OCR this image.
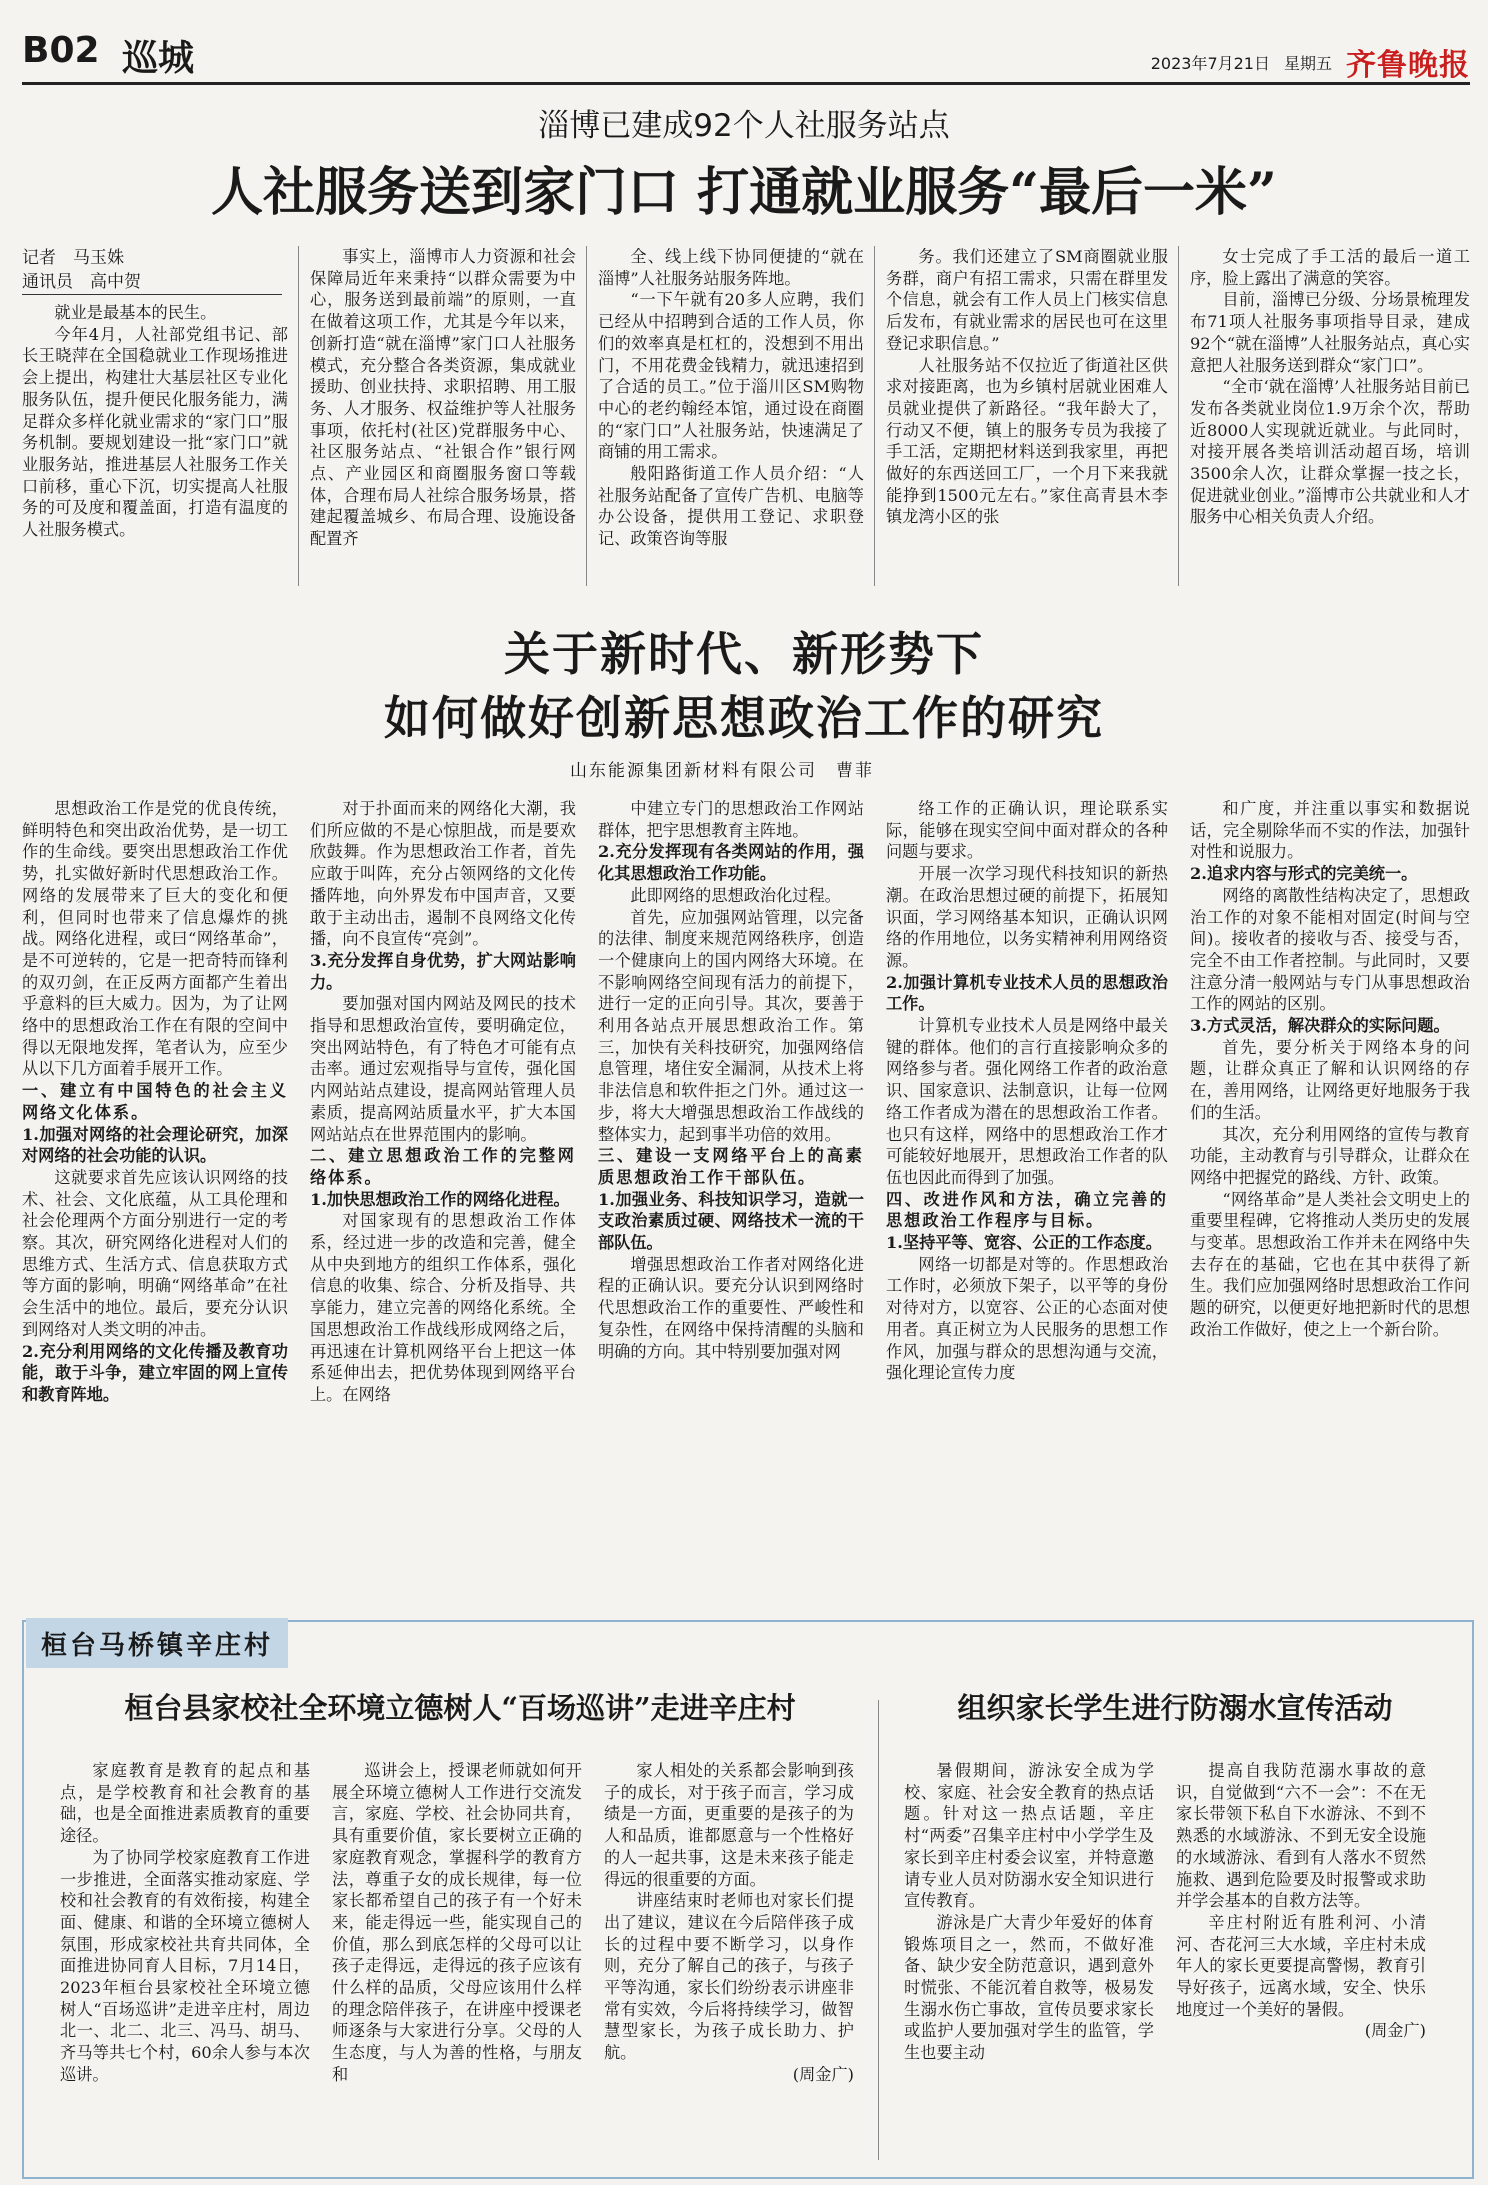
B02 巡城	2023年7月21日 星期五 齐鲁晚报
淄博已建成92个人社服务站点
人社服务送到家门口 打通就业服务“最后一米”
记者　马玉姝
通讯员　高中贺

就业是最基本的民生。

今年4月，人社部党组书记、部长王晓萍在全国稳就业工作现场推进会上提出，构建壮大基层社区专业化服务队伍，提升便民化服务能力，满足群众多样化就业需求的“家门口”服务机制。要规划建设一批“家门口”就业服务站，推进基层人社服务工作关口前移，重心下沉，切实提高人社服务的可及度和覆盖面，打造有温度的人社服务模式。

事实上，淄博市人力资源和社会保障局近年来秉持“以群众需要为中心，服务送到最前端”的原则，一直在做着这项工作，尤其是今年以来，创新打造“就在淄博”家门口人社服务模式，充分整合各类资源，集成就业援助、创业扶持、求职招聘、用工服务、人才服务、权益维护等人社服务事项，依托村(社区)党群服务中心、社区服务站点、“社银合作”银行网点、产业园区和商圈服务窗口等载体，合理布局人社综合服务场景，搭建起覆盖城乡、布局合理、设施设备配置齐

全、线上线下协同便捷的“就在淄博”人社服务站服务阵地。

“一下午就有20多人应聘，我们已经从中招聘到合适的工作人员，你们的效率真是杠杠的，没想到不用出门，不用花费金钱精力，就迅速招到了合适的员工。”位于淄川区SM购物中心的老约翰经本馆，通过设在商圈的“家门口”人社服务站，快速满足了商铺的用工需求。

般阳路街道工作人员介绍：“人社服务站配备了宣传广告机、电脑等办公设备，提供用工登记、求职登记、政策咨询等服

务。我们还建立了SM商圈就业服务群，商户有招工需求，只需在群里发个信息，就会有工作人员上门核实信息后发布，有就业需求的居民也可在这里登记求职信息。”

人社服务站不仅拉近了街道社区供求对接距离，也为乡镇村居就业困难人员就业提供了新路径。“我年龄大了，行动又不便，镇上的服务专员为我接了手工活，定期把材料送到我家里，再把做好的东西送回工厂，一个月下来我就能挣到1500元左右。”家住高青县木李镇龙湾小区的张

女士完成了手工活的最后一道工序，脸上露出了满意的笑容。

目前，淄博已分级、分场景梳理发布71项人社服务事项指导目录，建成92个“就在淄博”人社服务站点，真心实意把人社服务送到群众“家门口”。

“全市‘就在淄博’人社服务站目前已发布各类就业岗位1.9万余个次，帮助近8000人实现就近就业。与此同时，对接开展各类培训活动超百场，培训3500余人次，让群众掌握一技之长，促进就业创业。”淄博市公共就业和人才服务中心相关负责人介绍。

关于新时代、新形势下
如何做好创新思想政治工作的研究
山东能源集团新材料有限公司　曹菲

思想政治工作是党的优良传统，鲜明特色和突出政治优势，是一切工作的生命线。要突出思想政治工作优势，扎实做好新时代思想政治工作。网络的发展带来了巨大的变化和便利，但同时也带来了信息爆炸的挑战。网络化进程，或曰“网络革命”，是不可逆转的，它是一把奇特而锋利的双刃剑，在正反两方面都产生着出乎意料的巨大威力。因为，为了让网络中的思想政治工作在有限的空间中得以无限地发挥，笔者认为，应至少从以下几方面着手展开工作。

一、建立有中国特色的社会主义网络文化体系。

1.加强对网络的社会理论研究，加深对网络的社会功能的认识。

这就要求首先应该认识网络的技术、社会、文化底蕴，从工具伦理和社会伦理两个方面分别进行一定的考察。其次，研究网络化进程对人们的思维方式、生活方式、信息获取方式等方面的影响，明确“网络革命”在社会生活中的地位。最后，要充分认识到网络对人类文明的冲击。

2.充分利用网络的文化传播及教育功能，敢于斗争，建立牢固的网上宣传和教育阵地。

对于扑面而来的网络化大潮，我们所应做的不是心惊胆战，而是要欢欣鼓舞。作为思想政治工作者，首先应敢于叫阵，充分占领网络的文化传播阵地，向外界发布中国声音，又要敢于主动出击，遏制不良网络文化传播，向不良宣传“亮剑”。

3.充分发挥自身优势，扩大网站影响力。

要加强对国内网站及网民的技术指导和思想政治宣传，要明确定位，突出网站特色，有了特色才可能有点击率。通过宏观指导与宣传，强化国内网站站点建设，提高网站管理人员素质，提高网站质量水平，扩大本国网站站点在世界范围内的影响。

二、建立思想政治工作的完整网络体系。

1.加快思想政治工作的网络化进程。

对国家现有的思想政治工作体系，经过进一步的改造和完善，健全从中央到地方的组织工作体系，强化信息的收集、综合、分析及指导、共享能力，建立完善的网络化系统。全国思想政治工作战线形成网络之后，再迅速在计算机网络平台上把这一体系延伸出去，把优势体现到网络平台上。在网络

中建立专门的思想政治工作网站群体，把宇思想教育主阵地。

2.充分发挥现有各类网站的作用，强化其思想政治工作功能。

此即网络的思想政治化过程。

首先，应加强网站管理，以完备的法律、制度来规范网络秩序，创造一个健康向上的国内网络大环境。在不影响网络空间现有活力的前提下，进行一定的正向引导。其次，要善于利用各站点开展思想政治工作。第三，加快有关科技研究，加强网络信息管理，堵住安全漏洞，从技术上将非法信息和软件拒之门外。通过这一步，将大大增强思想政治工作战线的整体实力，起到事半功倍的效用。

三、建设一支网络平台上的高素质思想政治工作干部队伍。

1.加强业务、科技知识学习，造就一支政治素质过硬、网络技术一流的干部队伍。

增强思想政治工作者对网络化进程的正确认识。要充分认识到网络时代思想政治工作的重要性、严峻性和复杂性，在网络中保持清醒的头脑和明确的方向。其中特别要加强对网

络工作的正确认识，理论联系实际，能够在现实空间中面对群众的各种问题与要求。

开展一次学习现代科技知识的新热潮。在政治思想过硬的前提下，拓展知识面，学习网络基本知识，正确认识网络的作用地位，以务实精神利用网络资源。

2.加强计算机专业技术人员的思想政治工作。

计算机专业技术人员是网络中最关键的群体。他们的言行直接影响众多的网络参与者。强化网络工作者的政治意识、国家意识、法制意识，让每一位网络工作者成为潜在的思想政治工作者。也只有这样，网络中的思想政治工作才可能较好地展开，思想政治工作者的队伍也因此而得到了加强。

四、改进作风和方法，确立完善的思想政治工作程序与目标。

1.坚持平等、宽容、公正的工作态度。

网络一切都是对等的。作思想政治工作时，必须放下架子，以平等的身份对待对方，以宽容、公正的心态面对使用者。真正树立为人民服务的思想工作作风，加强与群众的思想沟通与交流，强化理论宣传力度

和广度，并注重以事实和数据说话，完全剔除华而不实的作法，加强针对性和说服力。

2.追求内容与形式的完美统一。

网络的离散性结构决定了，思想政治工作的对象不能相对固定(时间与空间)。接收者的接收与否、接受与否，完全不由工作者控制。与此同时，又要注意分清一般网站与专门从事思想政治工作的网站的区别。

3.方式灵活，解决群众的实际问题。

首先，要分析关于网络本身的问题，让群众真正了解和认识网络的存在，善用网络，让网络更好地服务于我们的生活。

其次，充分利用网络的宣传与教育功能，主动教育与引导群众，让群众在网络中把握党的路线、方针、政策。

“网络革命”是人类社会文明史上的重要里程碑，它将推动人类历史的发展与变革。思想政治工作并未在网络中失去存在的基础，它也在其中获得了新生。我们应加强网络时思想政治工作问题的研究，以便更好地把新时代的思想政治工作做好，使之上一个新台阶。

桓台马桥镇辛庄村
桓台县家校社全环境立德树人“百场巡讲”走进辛庄村	组织家长学生进行防溺水宣传活动

家庭教育是教育的起点和基点，是学校教育和社会教育的基础，也是全面推进素质教育的重要途径。

为了协同学校家庭教育工作进一步推进，全面落实推动家庭、学校和社会教育的有效衔接，构建全面、健康、和谐的全环境立德树人氛围，形成家校社共育共同体，全面推进协同育人目标，7月14日，2023年桓台县家校社全环境立德树人“百场巡讲”走进辛庄村，周边北一、北二、北三、冯马、胡马、齐马等共七个村，60余人参与本次巡讲。

巡讲会上，授课老师就如何开展全环境立德树人工作进行交流发言，家庭、学校、社会协同共育，具有重要价值，家长要树立正确的家庭教育观念，掌握科学的教育方法，尊重子女的成长规律，每一位家长都希望自己的孩子有一个好未来，能走得远一些，能实现自己的价值，那么到底怎样的父母可以让孩子走得远，走得远的孩子应该有什么样的品质，父母应该用什么样的理念陪伴孩子，在讲座中授课老师逐条与大家进行分享。父母的人生态度，与人为善的性格，与朋友和

家人相处的关系都会影响到孩子的成长，对于孩子而言，学习成绩是一方面，更重要的是孩子的为人和品质，谁都愿意与一个性格好的人一起共事，这是未来孩子能走得远的很重要的方面。

讲座结束时老师也对家长们提出了建议，建议在今后陪伴孩子成长的过程中要不断学习，以身作则，充分了解自己的孩子，与孩子平等沟通，家长们纷纷表示讲座非常有实效，今后将持续学习，做智慧型家长，为孩子成长助力、护航。

(周金广)

暑假期间，游泳安全成为学校、家庭、社会安全教育的热点话题。针对这一热点话题，辛庄村“两委”召集辛庄村中小学学生及家长到辛庄村委会议室，并特意邀请专业人员对防溺水安全知识进行宣传教育。

游泳是广大青少年爱好的体育锻炼项目之一，然而，不做好准备、缺少安全防范意识，遇到意外时慌张、不能沉着自救等，极易发生溺水伤亡事故，宣传员要求家长或监护人要加强对学生的监管，学生也要主动

提高自我防范溺水事故的意识，自觉做到“六不一会”：不在无家长带领下私自下水游泳、不到不熟悉的水域游泳、不到无安全设施的水域游泳、看到有人落水不贸然施救、遇到危险要及时报警或求助并学会基本的自救方法等。

辛庄村附近有胜利河、小清河、杏花河三大水域，辛庄村未成年人的家长更要提高警惕，教育引导好孩子，远离水域，安全、快乐地度过一个美好的暑假。

(周金广)
